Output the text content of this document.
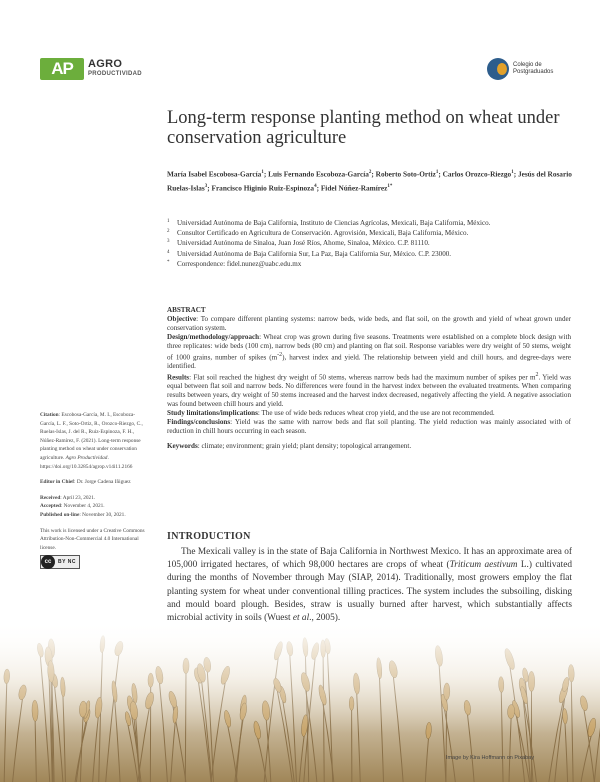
AP	AGRO
PRODUCTIVIDAD
Colegio de Postgraduados
Long-term response planting method on wheat under conservation agriculture
María Isabel Escobosa-García$^1$; Luis Fernando Escoboza-García$^2$; Roberto Soto-Ortiz$^1$; Carlos Orozco-Riezgo$^1$; Jesús del Rosario Ruelas-Islas$^3$; Francisco Higinio Ruiz-Espinoza$^4$; Fidel Núñez-Ramírez$^{1*}$
1 Universidad Autónoma de Baja California, Instituto de Ciencias Agrícolas, Mexicali, Baja California, México.
2 Consultor Certificado en Agricultura de Conservación. Agrovisión, Mexicali, Baja California, México.
3 Universidad Autónoma de Sinaloa, Juan José Ríos, Ahome, Sinaloa, México. C.P. 81110.
4 Universidad Autónoma de Baja California Sur, La Paz, Baja California Sur, México. C.P. 23000.
* Correspondence: fidel.nunez@uabc.edu.mx

ABSTRACT

Objective: To compare different planting systems: narrow beds, wide beds, and flat soil, on the growth and yield of wheat grown under conservation system.

Design/methodology/approach: Wheat crop was grown during five seasons. Treatments were established on a complete block design with three replicates: wide beds (100 cm), narrow beds (80 cm) and planting on flat soil. Response variables were dry weight of 50 stems, weight of 1000 grains, number of spikes $(m^{-2})$, harvest index and yield. The relationship between yield and chill hours, and degree-days were identified.

Results: Flat soil reached the highest dry weight of 50 stems, whereas narrow beds had the maximum number of spikes per $m^2$. Yield was equal between flat soil and narrow beds. No differences were found in the harvest index between the evaluated treatments. When comparing results between years, dry weight of 50 stems increased and the harvest index decreased, negatively affecting the yield. A negative association was found between chill hours and yield.

Study limitations/implications: The use of wide beds reduces wheat crop yield, and the use are not recommended.

Findings/conclusions: Yield was the same with narrow beds and flat soil planting. The yield reduction was mainly associated with of reduction in chill hours occurring in each season.

Keywords: climate; environment; grain yield; plant density; topological arrangement.

Citation: Escobosa-García, M. I., Escoboza-García, L. F., Soto-Ortiz, R., Orozco-Riezgo, C., Ruelas-Islas, J. del R., Ruiz-Espinoza, F. H., Núñez-Ramírez, F. (2021). Long-term response planting method on wheat under conservation agriculture. Agro Productividad. https://doi.org/10.32854/agrop.v14i11.2166

Editor in Chief: Dr. Jorge Cadena Iñiguez

Received: April 23, 2021.
Accepted: November 4, 2021.
Published on-line: November 30, 2021.

This work is licensed under a Creative Commons Attribution-Non-Commercial 4.0 International license.

cc	BY NC
INTRODUCTION

The Mexicali valley is in the state of Baja California in Northwest Mexico. It has an approximate area of 105,000 irrigated hectares, of which 98,000 hectares are crops of wheat (Triticum aestivum L.) cultivated during the months of November through May (SIAP, 2014). Traditionally, most growers employ the flat planting system for wheat under conventional tilling practices. The system includes the subsoiling, disking and mould board plough. Besides, straw is usually burned after harvest, which substantially affects microbial activity in soils (Wuest et al., 2005).

Image by Kira Hoffmann on Pixabay
